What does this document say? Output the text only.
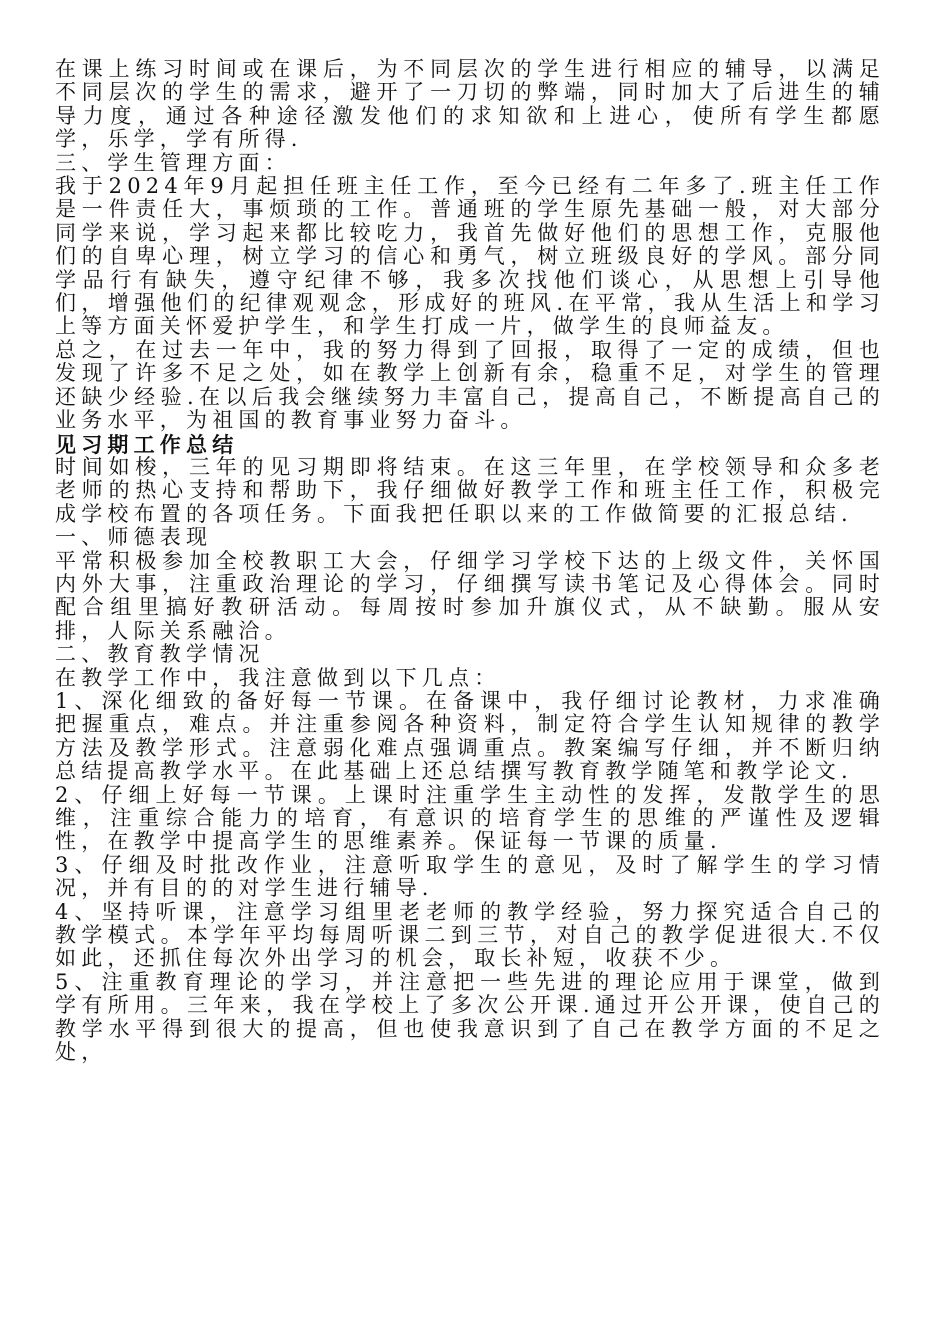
在课上练习时间或在课后，为不同层次的学生进行相应的辅导，以满足不同层次的学生的需求，避开了一刀切的弊端，同时加大了后进生的辅导力度，通过各种途径激发他们的求知欲和上进心，使所有学生都愿学，乐学，学有所得.

三、学生管理方面：

我于2024年9月起担任班主任工作，至今已经有二年多了.班主任工作是一件责任大，事烦琐的工作。普通班的学生原先基础一般，对大部分同学来说，学习起来都比较吃力，我首先做好他们的思想工作，克服他们的自卑心理，树立学习的信心和勇气，树立班级良好的学风。部分同学品行有缺失，遵守纪律不够，我多次找他们谈心，从思想上引导他们，增强他们的纪律观观念，形成好的班风.在平常，我从生活上和学习上等方面关怀爱护学生，和学生打成一片，做学生的良师益友。

总之，在过去一年中，我的努力得到了回报，取得了一定的成绩，但也发现了许多不足之处，如在教学上创新有余，稳重不足，对学生的管理还缺少经验.在以后我会继续努力丰富自己，提高自己，不断提高自己的业务水平，为祖国的教育事业努力奋斗。

见习期工作总结

时间如梭，三年的见习期即将结束。在这三年里，在学校领导和众多老老师的热心支持和帮助下，我仔细做好教学工作和班主任工作，积极完成学校布置的各项任务。下面我把任职以来的工作做简要的汇报总结.

一、师德表现

平常积极参加全校教职工大会，仔细学习学校下达的上级文件，关怀国内外大事，注重政治理论的学习，仔细撰写读书笔记及心得体会。同时配合组里搞好教研活动。每周按时参加升旗仪式，从不缺勤。服从安排，人际关系融洽。

二、教育教学情况

在教学工作中，我注意做到以下几点：

1、深化细致的备好每一节课。在备课中，我仔细讨论教材，力求准确把握重点，难点。并注重参阅各种资料，制定符合学生认知规律的教学方法及教学形式。注意弱化难点强调重点。教案编写仔细，并不断归纳总结提高教学水平。在此基础上还总结撰写教育教学随笔和教学论文.

2、仔细上好每一节课。上课时注重学生主动性的发挥，发散学生的思维，注重综合能力的培育，有意识的培育学生的思维的严谨性及逻辑性，在教学中提高学生的思维素养。保证每一节课的质量.

3、仔细及时批改作业，注意听取学生的意见，及时了解学生的学习情况，并有目的的对学生进行辅导.

4、坚持听课，注意学习组里老老师的教学经验，努力探究适合自己的教学模式。本学年平均每周听课二到三节，对自己的教学促进很大.不仅如此，还抓住每次外出学习的机会，取长补短，收获不少。

5、注重教育理论的学习，并注意把一些先进的理论应用于课堂，做到学有所用。三年来，我在学校上了多次公开课.通过开公开课，使自己的教学水平得到很大的提高，但也使我意识到了自己在教学方面的不足之处，
